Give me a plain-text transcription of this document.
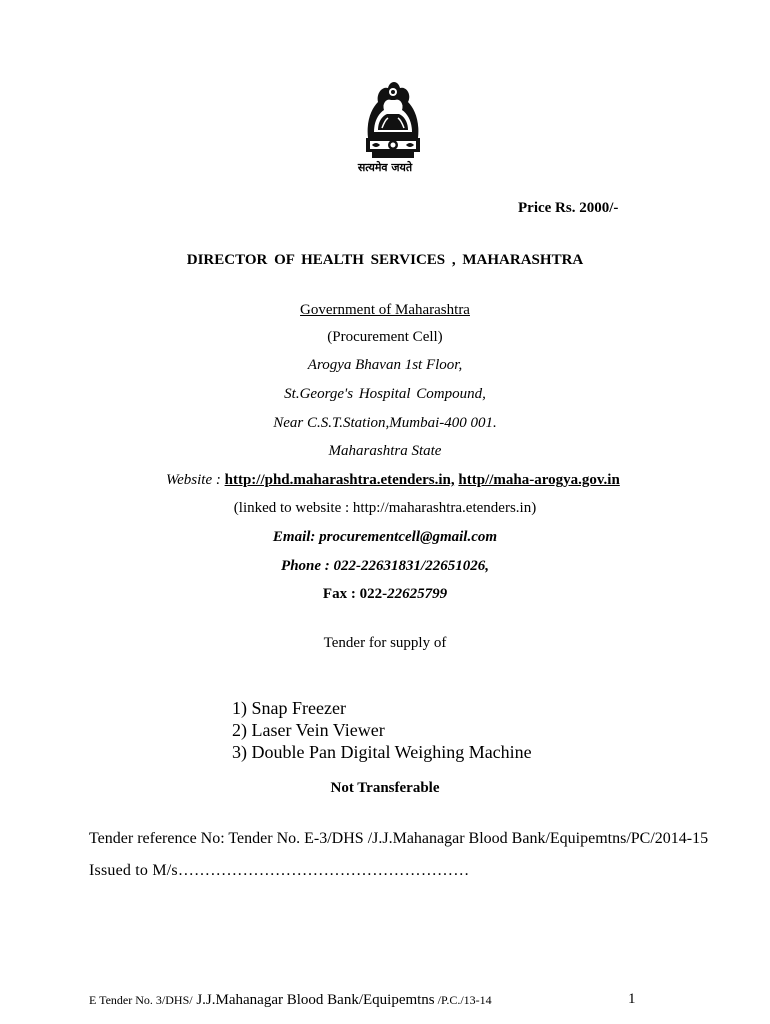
सत्यमेव जयते
Price Rs. 2000/-
DIRECTOR OF HEALTH SERVICES , MAHARASHTRA
Government of Maharashtra
(Procurement Cell)
Arogya Bhavan 1st Floor,
St.George's Hospital Compound,
Near C.S.T.Station,Mumbai-400 001.
Maharashtra State
Website : http://phd.maharashtra.etenders.in, http//maha-arogya.gov.in
(linked to website : http://maharashtra.etenders.in)
Email: procurementcell@gmail.com
Phone : 022-22631831/22651026,
Fax : 022-22625799
Tender for supply of
1) Snap Freezer
2) Laser Vein Viewer
3) Double Pan Digital Weighing Machine
Not Transferable
Tender reference No: Tender No. E-3/DHS /J.J.Mahanagar Blood Bank/Equipemtns/PC/2014-15
Issued to M/s………………………………………………
E Tender No. 3/DHS/ J.J.Mahanagar Blood Bank/Equipemtns /P.C./13-14	1
